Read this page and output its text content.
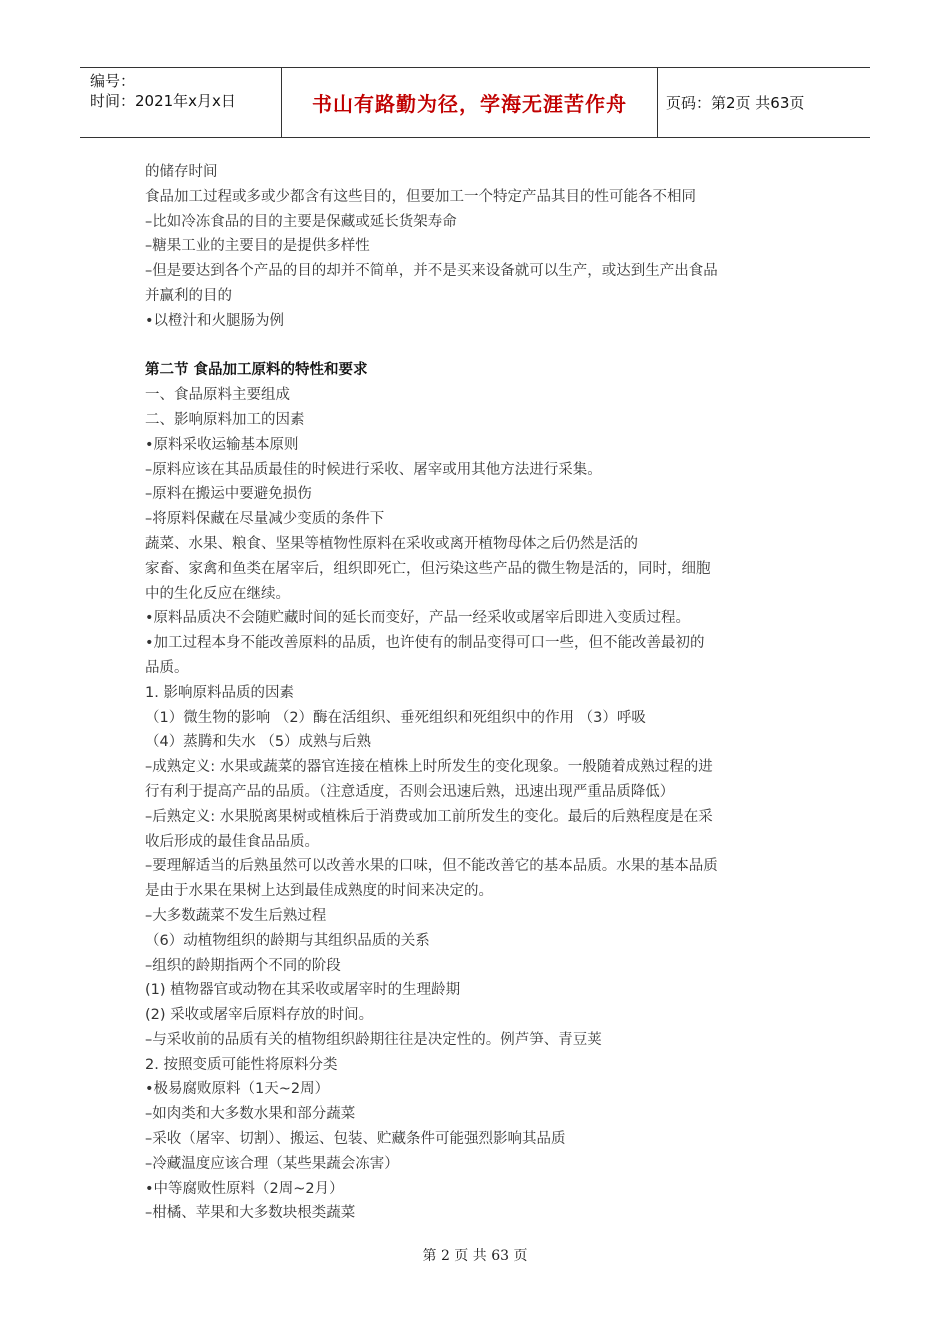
编号：
时间：2021年x月x日	书山有路勤为径，学海无涯苦作舟	页码：第2页 共63页
的储存时间
食品加工过程或多或少都含有这些目的，但要加工一个特定产品其目的性可能各不相同
–比如冷冻食品的目的主要是保藏或延长货架寿命
–糖果工业的主要目的是提供多样性
–但是要达到各个产品的目的却并不简单，并不是买来设备就可以生产，或达到生产出食品
并赢利的目的
•以橙汁和火腿肠为例
第二节 食品加工原料的特性和要求
一、食品原料主要组成
二、影响原料加工的因素
•原料采收运输基本原则
–原料应该在其品质最佳的时候进行采收、屠宰或用其他方法进行采集。
–原料在搬运中要避免损伤
–将原料保藏在尽量减少变质的条件下
蔬菜、水果、粮食、坚果等植物性原料在采收或离开植物母体之后仍然是活的
家畜、家禽和鱼类在屠宰后，组织即死亡，但污染这些产品的微生物是活的，同时，细胞
中的生化反应在继续。
•原料品质决不会随贮藏时间的延长而变好，产品一经采收或屠宰后即进入变质过程。
•加工过程本身不能改善原料的品质，也许使有的制品变得可口一些，但不能改善最初的
品质。
1. 影响原料品质的因素
（1）微生物的影响 （2）酶在活组织、垂死组织和死组织中的作用 （3）呼吸
（4）蒸腾和失水 （5）成熟与后熟
–成熟定义: 水果或蔬菜的器官连接在植株上时所发生的变化现象。一般随着成熟过程的进
行有利于提高产品的品质。（注意适度，否则会迅速后熟，迅速出现严重品质降低）
–后熟定义: 水果脱离果树或植株后于消费或加工前所发生的变化。最后的后熟程度是在采
收后形成的最佳食品品质。
–要理解适当的后熟虽然可以改善水果的口味，但不能改善它的基本品质。水果的基本品质
是由于水果在果树上达到最佳成熟度的时间来决定的。
–大多数蔬菜不发生后熟过程
（6）动植物组织的龄期与其组织品质的关系
–组织的龄期指两个不同的阶段
(1) 植物器官或动物在其采收或屠宰时的生理龄期
(2) 采收或屠宰后原料存放的时间。
–与采收前的品质有关的植物组织龄期往往是决定性的。例芦笋、青豆荚
2. 按照变质可能性将原料分类
•极易腐败原料（1天~2周）
–如肉类和大多数水果和部分蔬菜
–采收（屠宰、切割）、搬运、包装、贮藏条件可能强烈影响其品质
–冷藏温度应该合理（某些果蔬会冻害）
•中等腐败性原料（2周~2月）
–柑橘、苹果和大多数块根类蔬菜
第 2 页 共 63 页
